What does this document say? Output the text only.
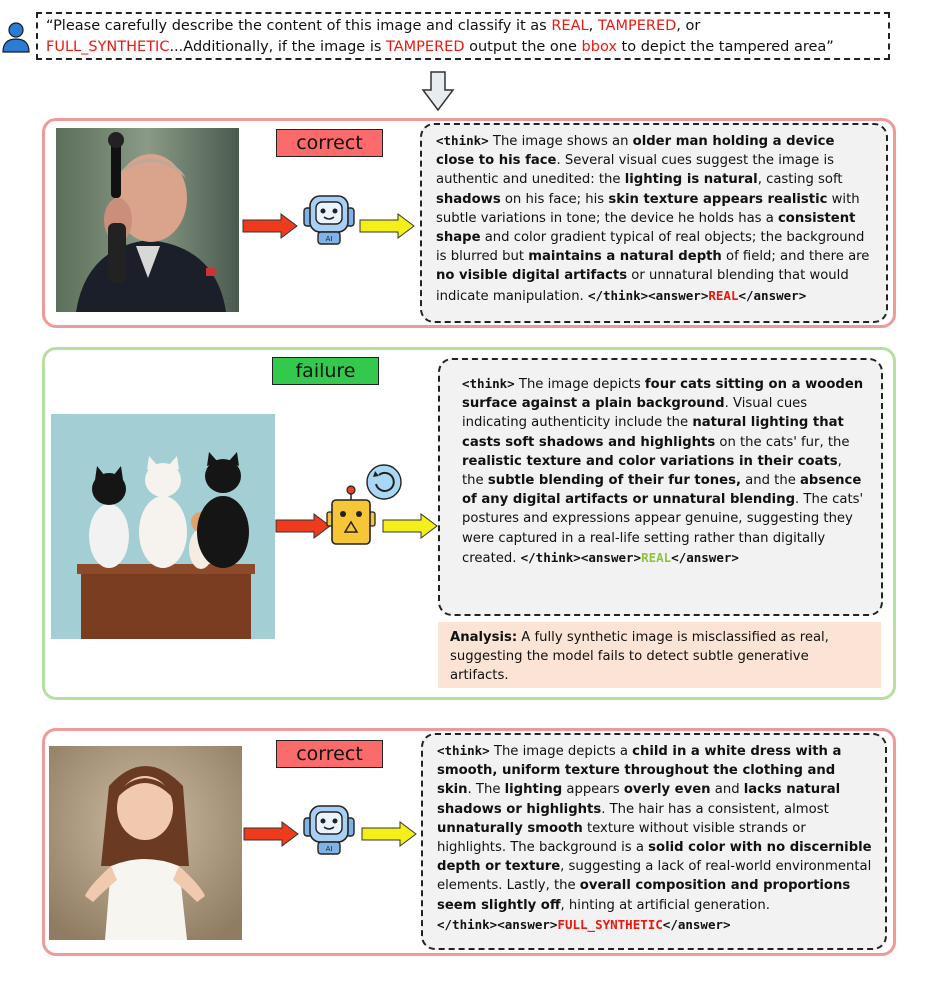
“Please carefully describe the content of this image and classify it as REAL, TAMPERED, or
FULL_SYNTHETIC...Additionally, if the image is TAMPERED output the one bbox to depict the tampered area”
correct
AI
<think> The image shows an older man holding a device close to his face. Several visual cues suggest the image is authentic and unedited: the lighting is natural, casting soft shadows on his face; his skin texture appears realistic with subtle variations in tone; the device he holds has a consistent shape and color gradient typical of real objects; the background is blurred but maintains a natural depth of field; and there are no visible digital artifacts or unnatural blending that would indicate manipulation. </think><answer>REAL</answer>
failure
<think> The image depicts four cats sitting on a wooden surface against a plain background. Visual cues indicating authenticity include the natural lighting that casts soft shadows and highlights on the cats' fur, the realistic texture and color variations in their coats, the subtle blending of their fur tones, and the absence of any digital artifacts or unnatural blending. The cats' postures and expressions appear genuine, suggesting they were captured in a real-life setting rather than digitally created. </think><answer>REAL</answer>
Analysis: A fully synthetic image is misclassified as real, suggesting the model fails to detect subtle generative artifacts.
correct
AI
<think> The image depicts a child in a white dress with a smooth, uniform texture throughout the clothing and skin. The lighting appears overly even and lacks natural shadows or highlights. The hair has a consistent, almost unnaturally smooth texture without visible strands or highlights. The background is a solid color with no discernible depth or texture, suggesting a lack of real-world environmental elements. Lastly, the overall composition and proportions seem slightly off, hinting at artificial generation.
</think><answer>FULL_SYNTHETIC</answer>
